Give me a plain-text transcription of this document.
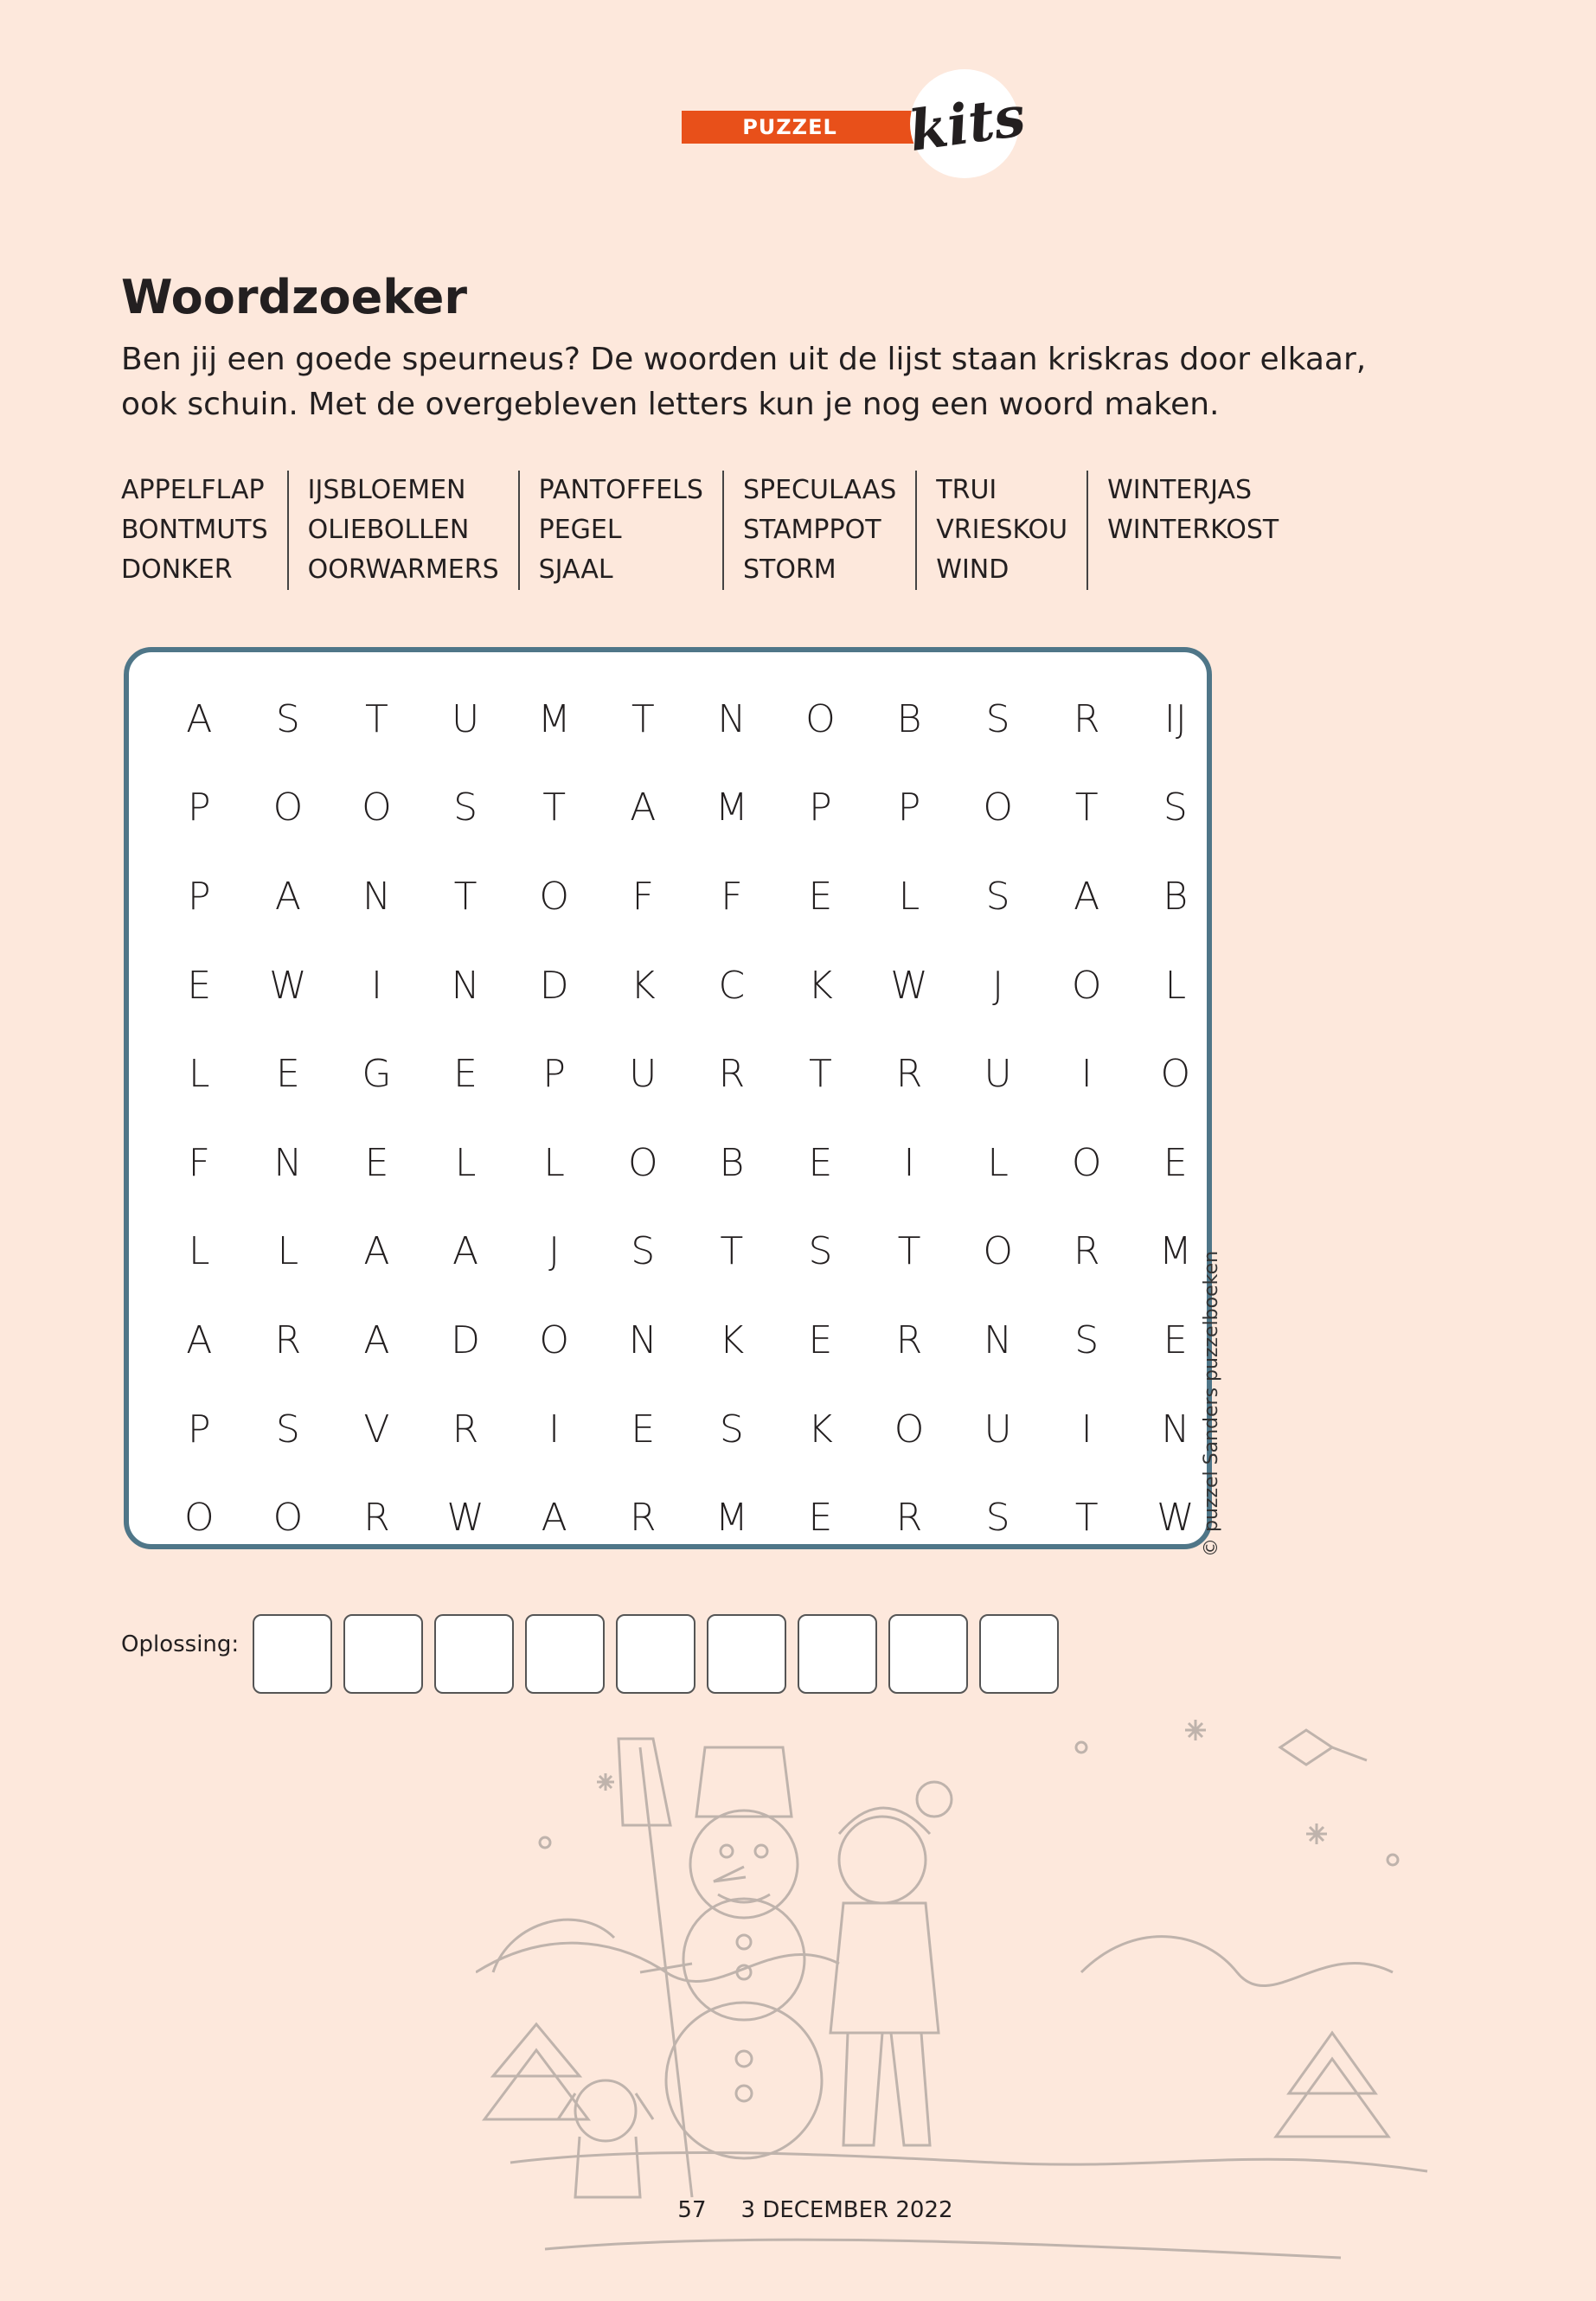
PUZZEL	kits
Woordzoeker

Ben jij een goede speurneus? De woorden uit de lijst staan kriskras door elkaar, ook schuin. Met de overgebleven letters kun je nog een woord maken.

APPELFLAP
BONTMUTS
DONKER
IJSBLOEMEN
OLIEBOLLEN
OORWARMERS
PANTOFFELS
PEGEL
SJAAL
SPECULAAS
STAMPPOT
STORM
TRUI
VRIESKOU
WIND
WINTERJAS
WINTERKOST
A	S	T	U	M	T	N	O	B	S	R	IJ
P	O	O	S	T	A	M	P	P	O	T	S
P	A	N	T	O	F	F	E	L	S	A	B
E	W	I	N	D	K	C	K	W	J	O	L
L	E	G	E	P	U	R	T	R	U	I	O
F	N	E	L	L	O	B	E	I	L	O	E
L	L	A	A	J	S	T	S	T	O	R	M
A	R	A	D	O	N	K	E	R	N	S	E
P	S	V	R	I	E	S	K	O	U	I	N
O	O	R	W	A	R	M	E	R	S	T	W © puzzel Sanders puzzelboeken
Oplossing:
57 3 DECEMBER 2022
